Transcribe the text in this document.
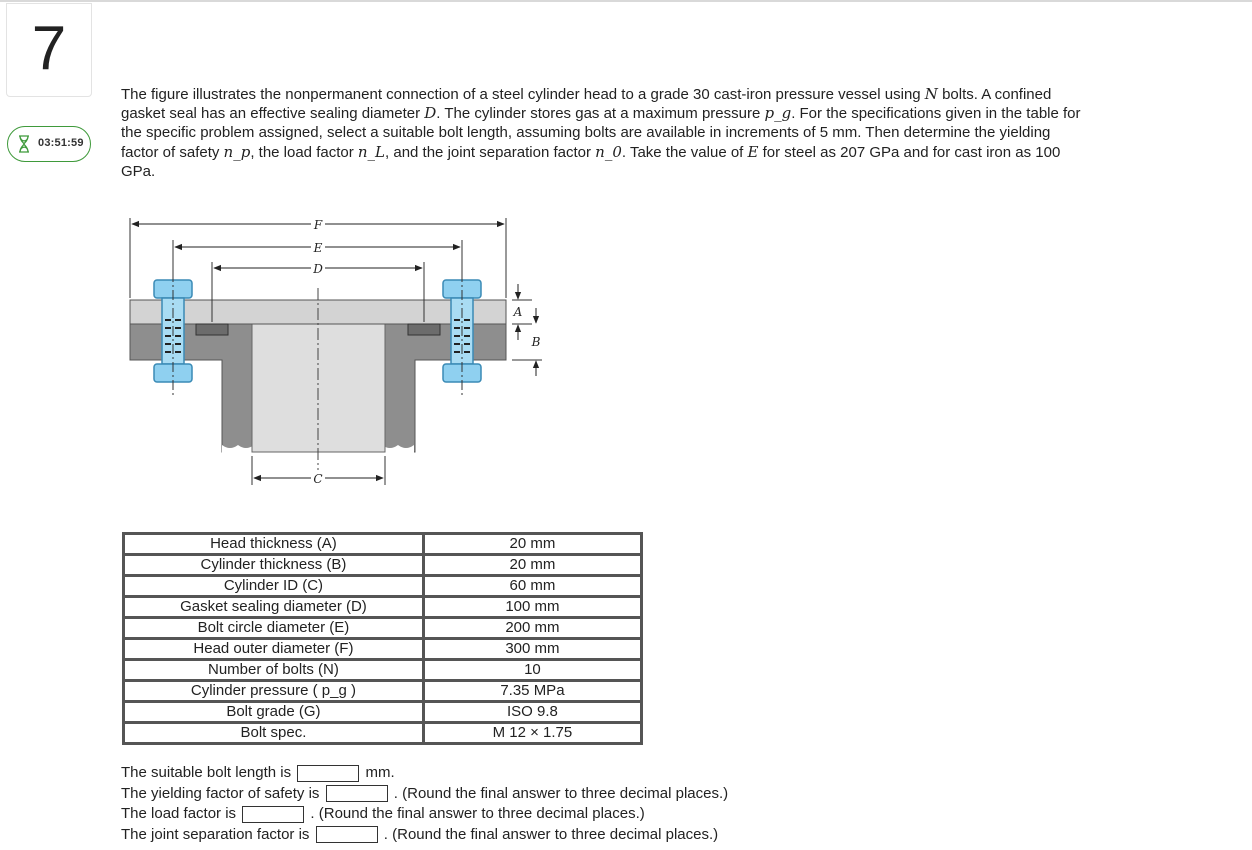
7
03:51:59
The figure illustrates the nonpermanent connection of a steel cylinder head to a grade 30 cast-iron pressure vessel using N bolts. A confined gasket seal has an effective sealing diameter D. The cylinder stores gas at a maximum pressure p_g. For the specifications given in the table for the specific problem assigned, select a suitable bolt length, assuming bolts are available in increments of 5 mm. Then determine the yielding factor of safety n_p, the load factor n_L, and the joint separation factor n_0. Take the value of E for steel as 207 GPa and for cast iron as 100 GPa.
F
E
D
C
A
B
Head thickness (A)	20 mm
Cylinder thickness (B)	20 mm
Cylinder ID (C)	60 mm
Gasket sealing diameter (D)	100 mm
Bolt circle diameter (E)	200 mm
Head outer diameter (F)	300 mm
Number of bolts (N)	10
Cylinder pressure ( p_g )	7.35 MPa
Bolt grade (G)	ISO 9.8
Bolt spec.	M 12 × 1.75
The suitable bolt length is	mm.
The yielding factor of safety is	. (Round the final answer to three decimal places.)
The load factor is	. (Round the final answer to three decimal places.)
The joint separation factor is	. (Round the final answer to three decimal places.)
